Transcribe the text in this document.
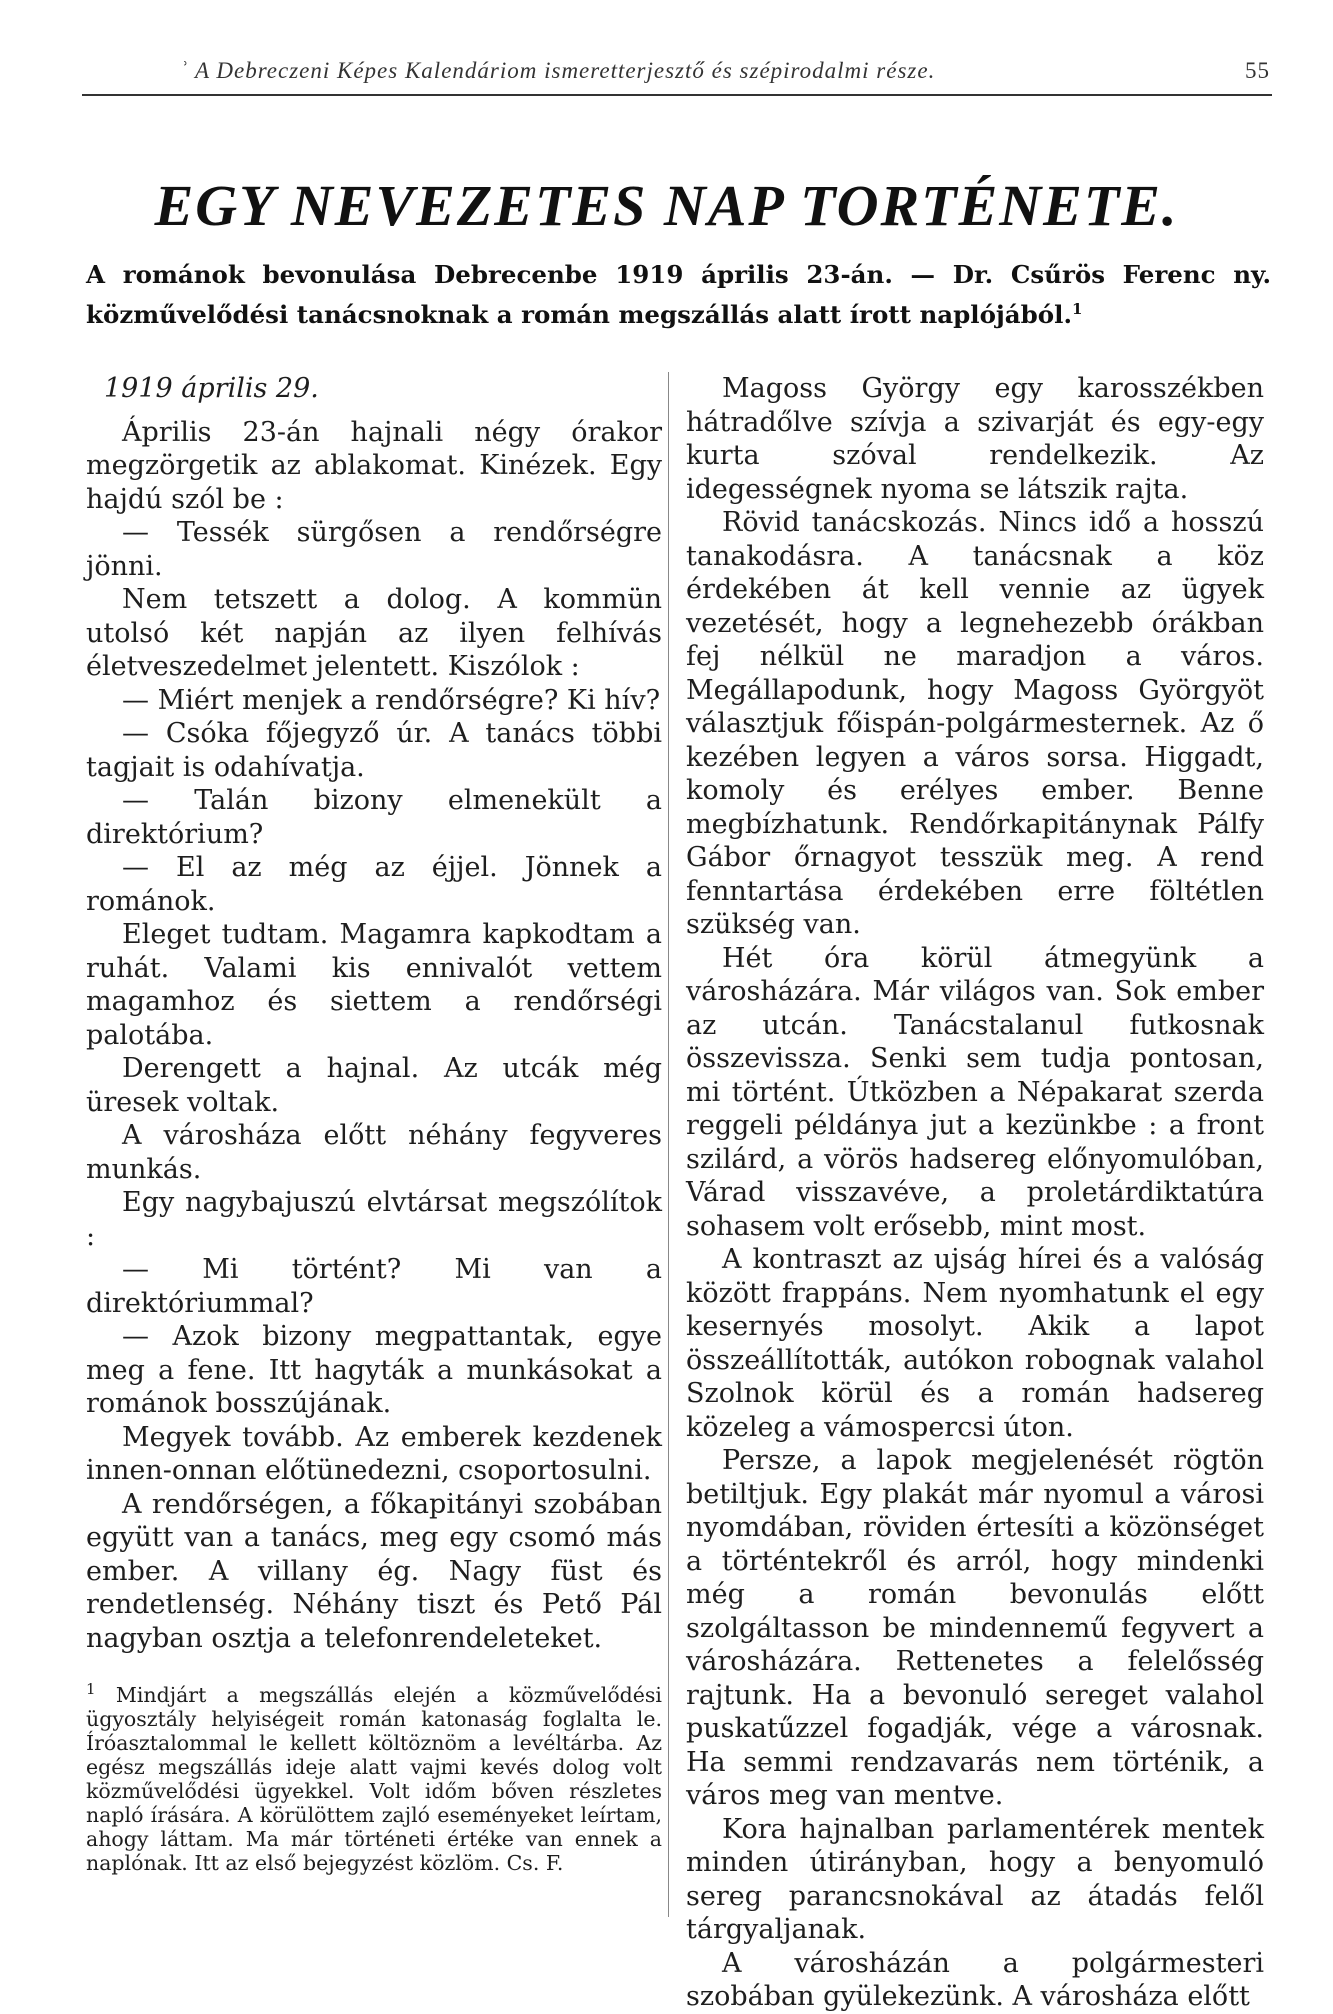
ʾ A Debreczeni Képes Kalendáriom ismeretterjesztő és szépirodalmi része.	55
EGY NEVEZETES NAP TORTÉNETE.
A románok bevonulása Debrecenbe 1919 április 23-án. — Dr. Csűrös Ferenc ny. közművelődési tanácsnoknak a román megszállás alatt írott naplójából.$^1$

1919 április 29.

Április 23-án hajnali négy órakor megzörgetik az ablakomat. Kinézek. Egy hajdú szól be :

— Tessék sürgősen a rendőrségre jönni.

Nem tetszett a dolog. A kommün utolsó két napján az ilyen felhívás életveszedelmet jelentett. Kiszólok :

— Miért menjek a rendőrségre? Ki hív?

— Csóka főjegyző úr. A tanács többi tagjait is odahívatja.

— Talán bizony elmenekült a direktórium?

— El az még az éjjel. Jönnek a románok.

Eleget tudtam. Magamra kapkodtam a ruhát. Valami kis ennivalót vettem magamhoz és siettem a rendőrségi palotába.

Derengett a hajnal. Az utcák még üresek voltak.

A városháza előtt néhány fegyveres munkás.

Egy nagybajuszú elvtársat megszólítok :

— Mi történt? Mi van a direktóriummal?

— Azok bizony megpattantak, egye meg a fene. Itt hagyták a munkásokat a románok bosszújának.

Megyek tovább. Az emberek kezdenek innen-onnan előtünedezni, csoportosulni.

A rendőrségen, a főkapitányi szobában együtt van a tanács, meg egy csomó más ember. A villany ég. Nagy füst és rendetlenség. Néhány tiszt és Pető Pál nagyban osztja a telefonrendeleteket.

$^1$ Mindjárt a megszállás elején a közművelődési ügyosztály helyiségeit román katonaság foglalta le. Íróasztalommal le kellett költöznöm a levéltárba. Az egész megszállás ideje alatt vajmi kevés dolog volt közművelődési ügyekkel. Volt időm bőven részletes napló írására. A körülöttem zajló eseményeket leírtam, ahogy láttam. Ma már történeti értéke van ennek a naplónak. Itt az első bejegyzést közlöm. Cs. F.

Magoss György egy karosszékben hátradőlve szívja a szivarját és egy-egy kurta szóval rendelkezik. Az idegességnek nyoma se látszik rajta.

Rövid tanácskozás. Nincs idő a hosszú tanakodásra. A tanácsnak a köz érdekében át kell vennie az ügyek vezetését, hogy a legnehezebb órákban fej nélkül ne maradjon a város. Megállapodunk, hogy Magoss Györgyöt választjuk főispán-polgármesternek. Az ő kezében legyen a város sorsa. Higgadt, komoly és erélyes ember. Benne megbízhatunk. Rendőrkapitánynak Pálfy Gábor őrnagyot tesszük meg. A rend fenntartása érdekében erre föltétlen szükség van.

Hét óra körül átmegyünk a városházára. Már világos van. Sok ember az utcán. Tanácstalanul futkosnak összevissza. Senki sem tudja pontosan, mi történt. Útközben a Népakarat szerda reggeli példánya jut a kezünkbe : a front szilárd, a vörös hadsereg előnyomulóban, Várad visszavéve, a proletárdiktatúra sohasem volt erősebb, mint most.

A kontraszt az ujság hírei és a valóság között frappáns. Nem nyomhatunk el egy kesernyés mosolyt. Akik a lapot összeállították, autókon robognak valahol Szolnok körül és a román hadsereg közeleg a vámospercsi úton.

Persze, a lapok megjelenését rögtön betiltjuk. Egy plakát már nyomul a városi nyomdában, röviden értesíti a közönséget a történtekről és arról, hogy mindenki még a román bevonulás előtt szolgáltasson be mindennemű fegyvert a városházára. Rettenetes a felelősség rajtunk. Ha a bevonuló sereget valahol puskatűzzel fogadják, vége a városnak. Ha semmi rendzavarás nem történik, a város meg van mentve.

Kora hajnalban parlamentérek mentek minden útirányban, hogy a benyomuló sereg parancsnokával az átadás felől tárgyaljanak.

A városházán a polgármesteri szobában gyülekezünk. A városháza előtt
